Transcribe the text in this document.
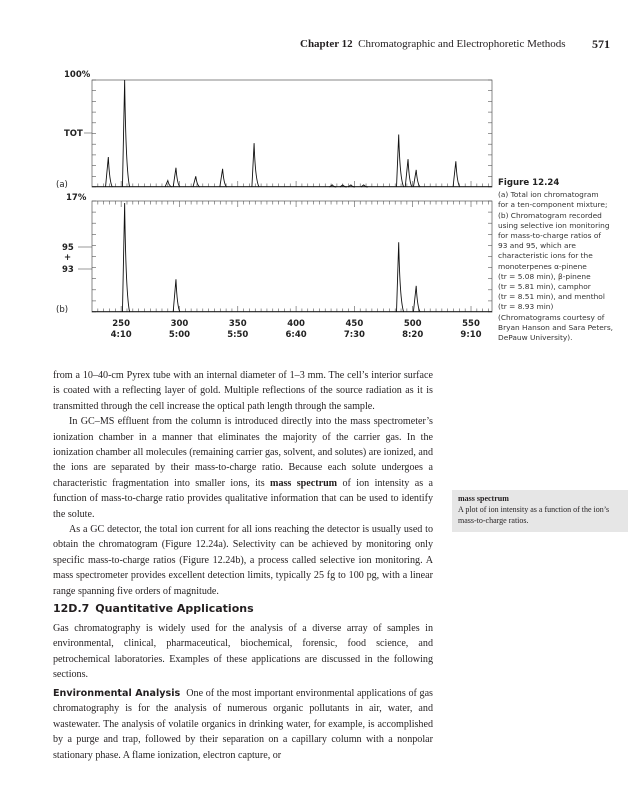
Chapter 12 Chromatographic and Electrophoretic Methods 571
100%
TOT
(a)
17%
95
+
93
(b)
250
4:10
300
5:00
350
5:50
400
6:40
450
7:30
500
8:20
550
9:10
Figure 12.24
(a) Total ion chromatogram
for a ten-component mixture;
(b) Chromatogram recorded
using selective ion monitoring
for mass-to-charge ratios of
93 and 95, which are
characteristic ions for the
monoterpenes α-pinene
(tr = 5.08 min), β-pinene
(tr = 5.81 min), camphor
(tr = 8.51 min), and menthol
(tr = 8.93 min)
(Chromatograms courtesy of
Bryan Hanson and Sara Peters,
DePauw University).

from a 10–40-cm Pyrex tube with an internal diameter of 1–3 mm. The cell’s interior surface is coated with a reflecting layer of gold. Multiple reflections of the source radiation as it is transmitted through the cell increase the optical path length through the sample.

In GC–MS effluent from the column is introduced directly into the mass spectrometer’s ionization chamber in a manner that eliminates the majority of the carrier gas. In the ionization chamber all molecules (remaining carrier gas, solvent, and solutes) are ionized, and the ions are separated by their mass-to-charge ratio. Because each solute undergoes a characteristic fragmentation into smaller ions, its mass spectrum of ion intensity as a function of mass-to-charge ratio provides qualitative information that can be used to identify the solute.

As a GC detector, the total ion current for all ions reaching the detector is usually used to obtain the chromatogram (Figure 12.24a). Selectivity can be achieved by monitoring only specific mass-to-charge ratios (Figure 12.24b), a process called selective ion monitoring. A mass spectrometer provides excellent detection limits, typically 25 fg to 100 pg, with a linear range spanning five orders of magnitude.

mass spectrum
A plot of ion intensity as a function of the ion’s mass-to-charge ratios.
12D.7 Quantitative Applications

Gas chromatography is widely used for the analysis of a diverse array of samples in environmental, clinical, pharmaceutical, biochemical, forensic, food science, and petrochemical laboratories. Examples of these applications are discussed in the following sections.

Environmental Analysis One of the most important environmental applications of gas chromatography is for the analysis of numerous organic pollutants in air, water, and wastewater. The analysis of volatile organics in drinking water, for example, is accomplished by a purge and trap, followed by their separation on a capillary column with a nonpolar stationary phase. A flame ionization, electron capture, or
